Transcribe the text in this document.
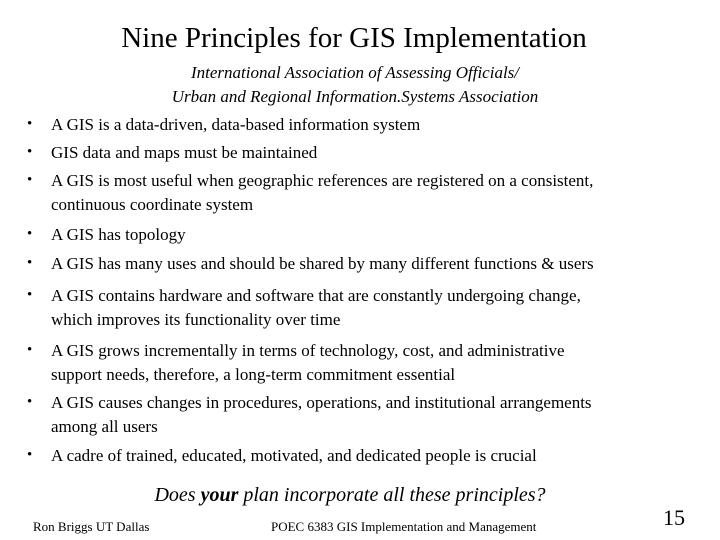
Nine Principles for GIS Implementation
International Association of Assessing Officials/
Urban and Regional Information.Systems Association
• A GIS is a data-driven, data-based information system
• GIS data and maps must be maintained
• A GIS is most useful when geographic references are registered on a consistent,
continuous coordinate system
• A GIS has topology
• A GIS has many uses and should be shared by many different functions & users
• A GIS contains hardware and software that are constantly undergoing change,
which improves its functionality over time
• A GIS grows incrementally in terms of technology, cost, and administrative
support needs, therefore, a long-term commitment essential
• A GIS causes changes in procedures, operations, and institutional arrangements
among all users
• A cadre of trained, educated, motivated, and dedicated people is crucial
Does your plan incorporate all these principles?
Ron Briggs UT Dallas	POEC 6383 GIS Implementation and Management	15
